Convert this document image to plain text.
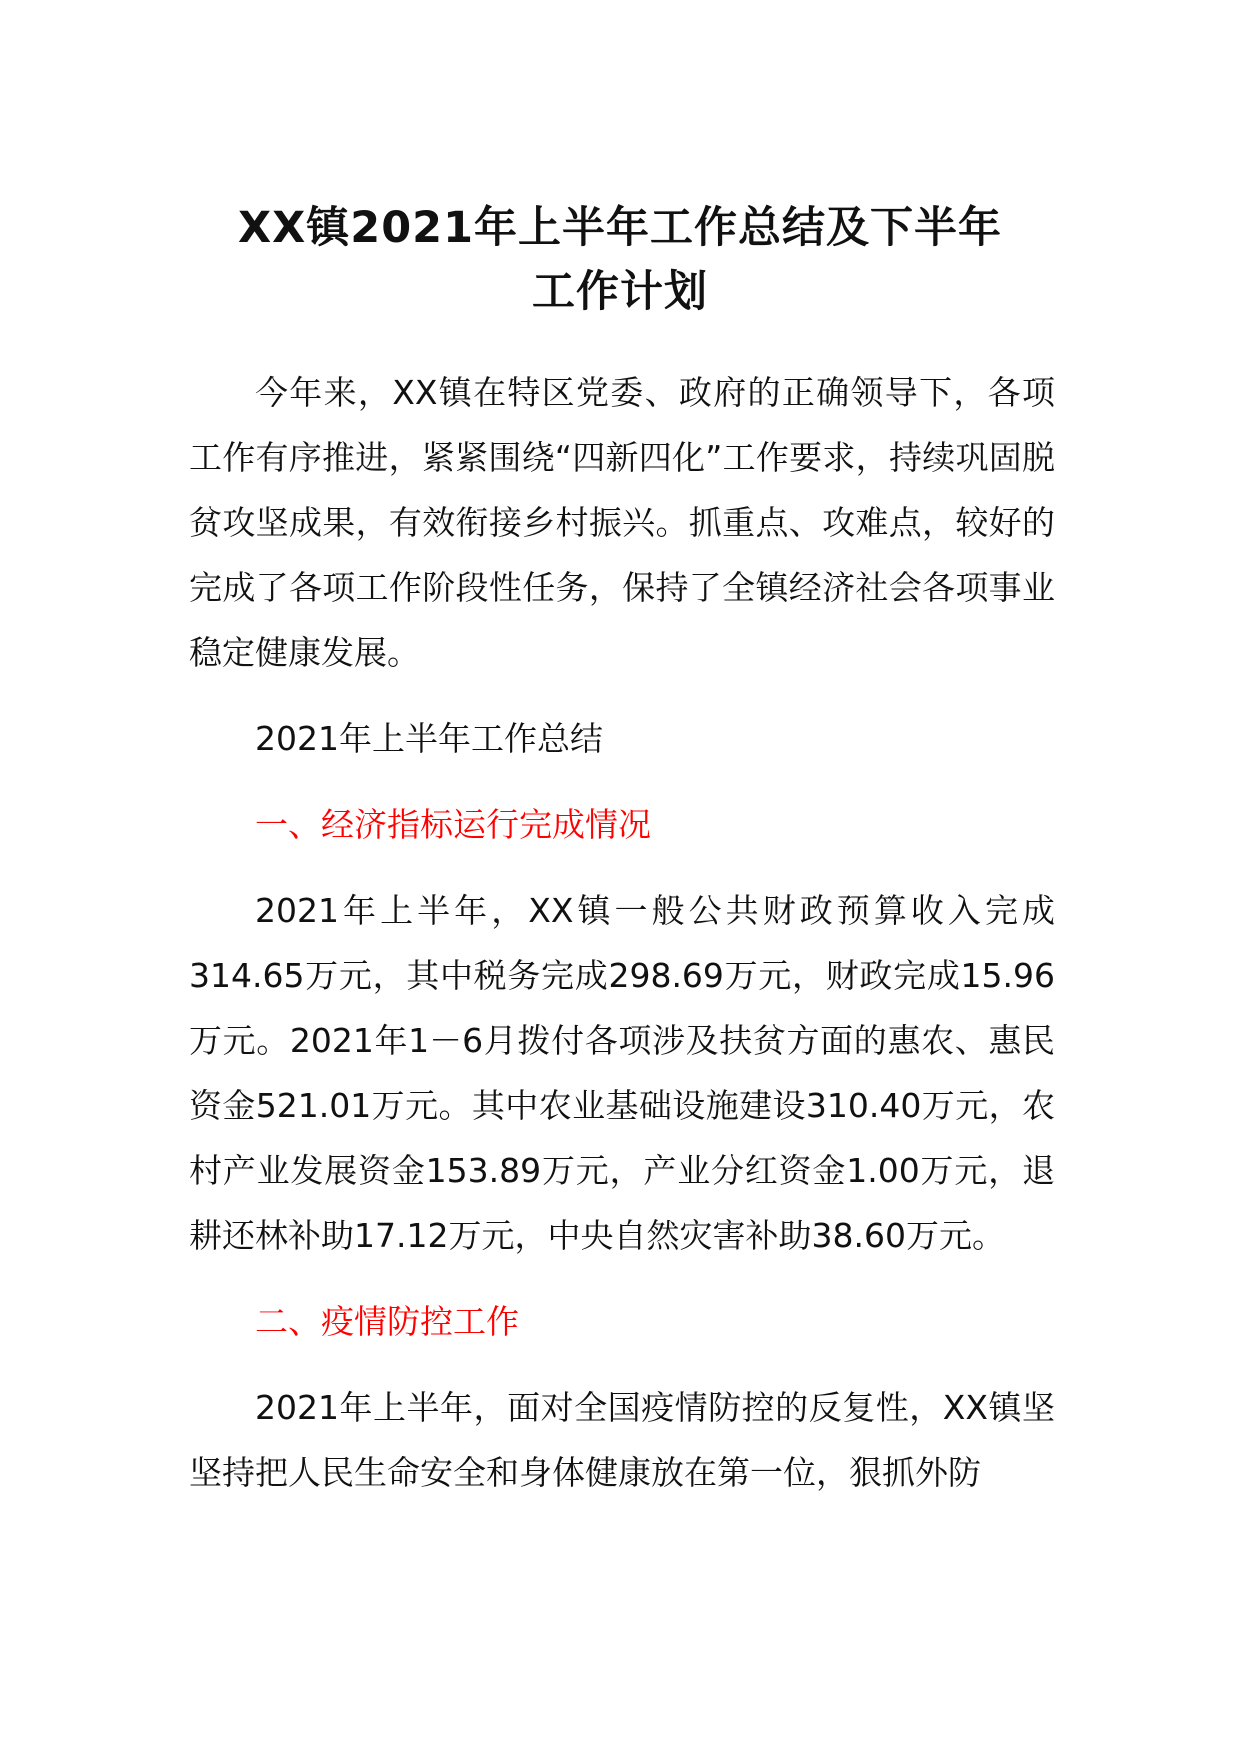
XX镇2021年上半年工作总结及下半年
工作计划

今年来，XX镇在特区党委、政府的正确领导下，各项工作有序推进，紧紧围绕“四新四化”工作要求，持续巩固脱贫攻坚成果，有效衔接乡村振兴。抓重点、攻难点，较好的完成了各项工作阶段性任务，保持了全镇经济社会各项事业稳定健康发展。

2021年上半年工作总结

一、经济指标运行完成情况

2021年上半年，XX镇一般公共财政预算收入完成314.65万元，其中税务完成298.69万元，财政完成15.96万元。2021年1－6月拨付各项涉及扶贫方面的惠农、惠民资金521.01万元。其中农业基础设施建设310.40万元，农村产业发展资金153.89万元，产业分红资金1.00万元，退耕还林补助17.12万元，中央自然灾害补助38.60万元。

二、疫情防控工作

2021年上半年，面对全国疫情防控的反复性，XX镇坚坚持把人民生命安全和身体健康放在第一位，狠抓外防
